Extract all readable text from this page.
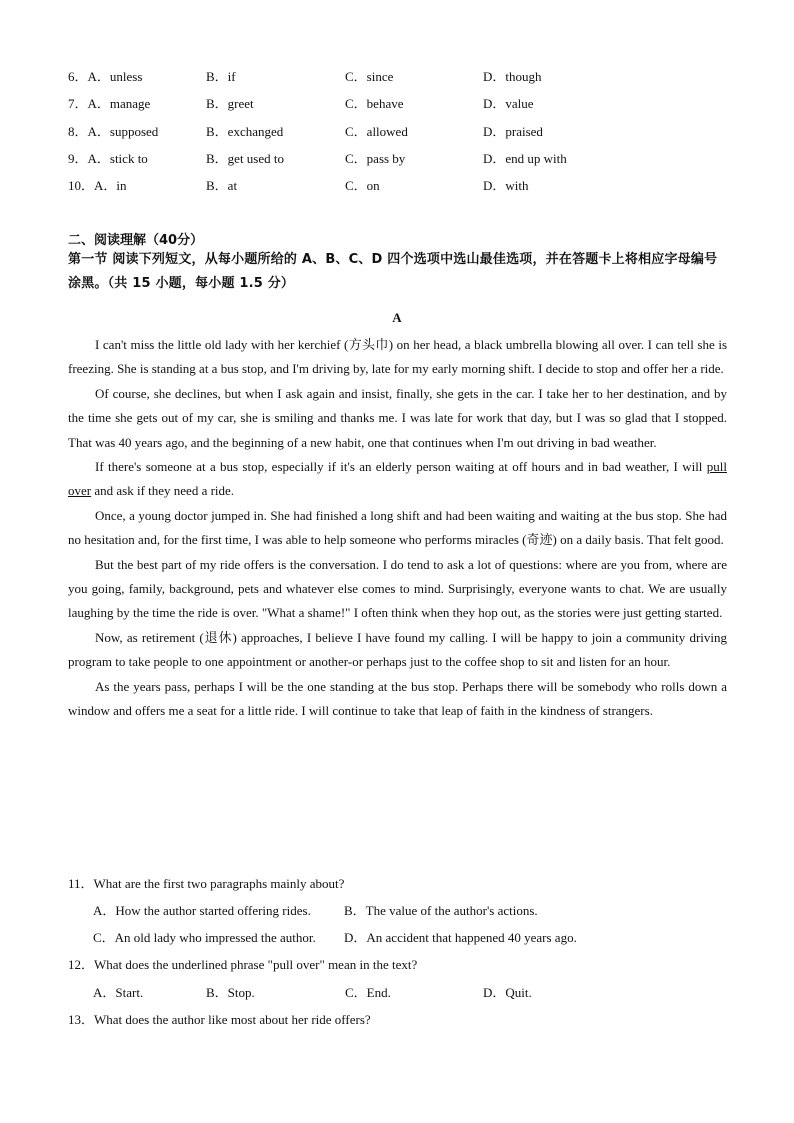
6．A．unless	B．if	C．since	D．though
7．A．manage	B．greet	C．behave	D．value
8．A．supposed	B．exchanged	C．allowed	D．praised
9．A．stick to	B．get used to	C．pass by	D．end up with
10．A．in	B．at	C．on	D．with
二、阅读理解（40分）
第一节 阅读下列短文，从每小题所给的 A、B、C、D 四个选项中选山最佳选项，并在答题卡上将相应字母编号涂黑。（共 15 小题，每小题 1.5 分）
A

I can't miss the little old lady with her kerchief (方头巾) on her head, a black umbrella blowing all over. I can tell she is freezing. She is standing at a bus stop, and I'm driving by, late for my early morning shift. I decide to stop and offer her a ride.

Of course, she declines, but when I ask again and insist, finally, she gets in the car. I take her to her destination, and by the time she gets out of my car, she is smiling and thanks me. I was late for work that day, but I was so glad that I stopped. That was 40 years ago, and the beginning of a new habit, one that continues when I'm out driving in bad weather.

If there's someone at a bus stop, especially if it's an elderly person waiting at off hours and in bad weather, I will pull over and ask if they need a ride.

Once, a young doctor jumped in. She had finished a long shift and had been waiting and waiting at the bus stop. She had no hesitation and, for the first time, I was able to help someone who performs miracles (奇迹) on a daily basis. That felt good.

But the best part of my ride offers is the conversation. I do tend to ask a lot of questions: where are you from, where are you going, family, background, pets and whatever else comes to mind. Surprisingly, everyone wants to chat. We are usually laughing by the time the ride is over. "What a shame!" I often think when they hop out, as the stories were just getting started.

Now, as retirement (退休) approaches, I believe I have found my calling. I will be happy to join a community driving program to take people to one appointment or another-or perhaps just to the coffee shop to sit and listen for an hour.

As the years pass, perhaps I will be the one standing at the bus stop. Perhaps there will be somebody who rolls down a window and offers me a seat for a little ride. I will continue to take that leap of faith in the kindness of strangers.

11．What are the first two paragraphs mainly about?
A．How the author started offering rides.	B．The value of the author's actions.
C．An old lady who impressed the author. D．An accident that happened 40 years ago.
12．What does the underlined phrase "pull over" mean in the text?
A．Start.	B．Stop.	C．End.	D．Quit.
13．What does the author like most about her ride offers?
